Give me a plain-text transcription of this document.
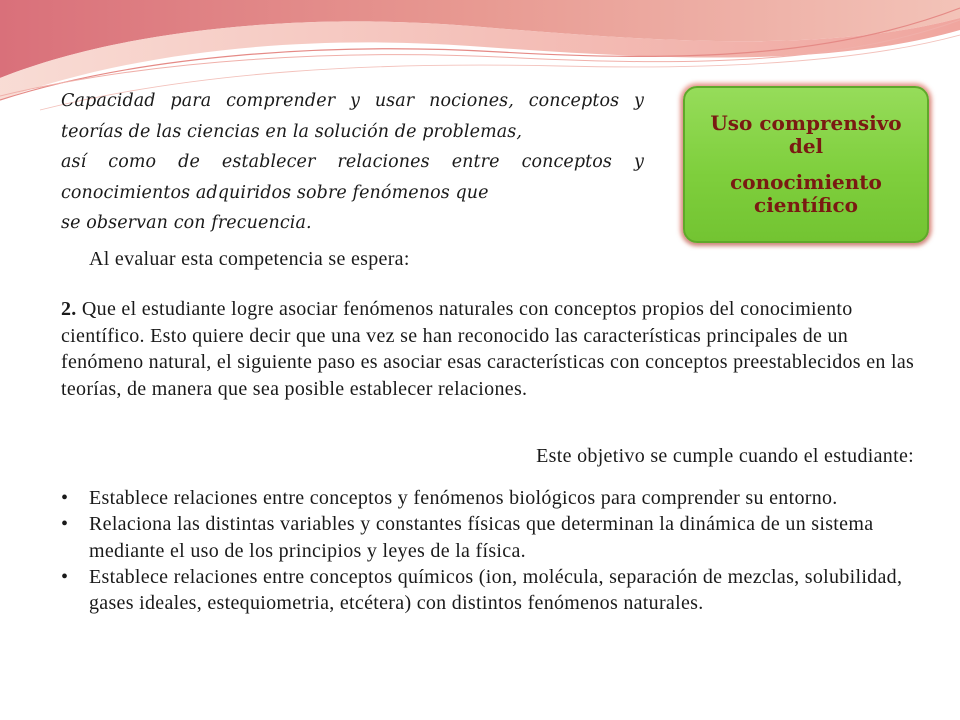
Capacidad para comprender y usar nociones, conceptos y
teorías de las ciencias en la solución de problemas,
así como de establecer relaciones entre conceptos y
conocimientos adquiridos sobre fenómenos que
se observan con frecuencia.
Uso comprensivo del
conocimiento científico
Al evaluar esta competencia se espera:
2. Que el estudiante logre asociar fenómenos naturales con conceptos propios del conocimiento científico. Esto quiere decir que una vez se han reconocido las características principales de un fenómeno natural, el siguiente paso es asociar esas características con conceptos preestablecidos en las teorías, de manera que sea posible establecer relaciones.
Este objetivo se cumple cuando el estudiante:
• Establece relaciones entre conceptos y fenómenos biológicos para comprender su entorno.
• Relaciona las distintas variables y constantes físicas que determinan la dinámica de un sistema mediante el uso de los principios y leyes de la física.
• Establece relaciones entre conceptos químicos (ion, molécula, separación de mezclas, solubilidad, gases ideales, estequiometria, etcétera) con distintos fenómenos naturales.
